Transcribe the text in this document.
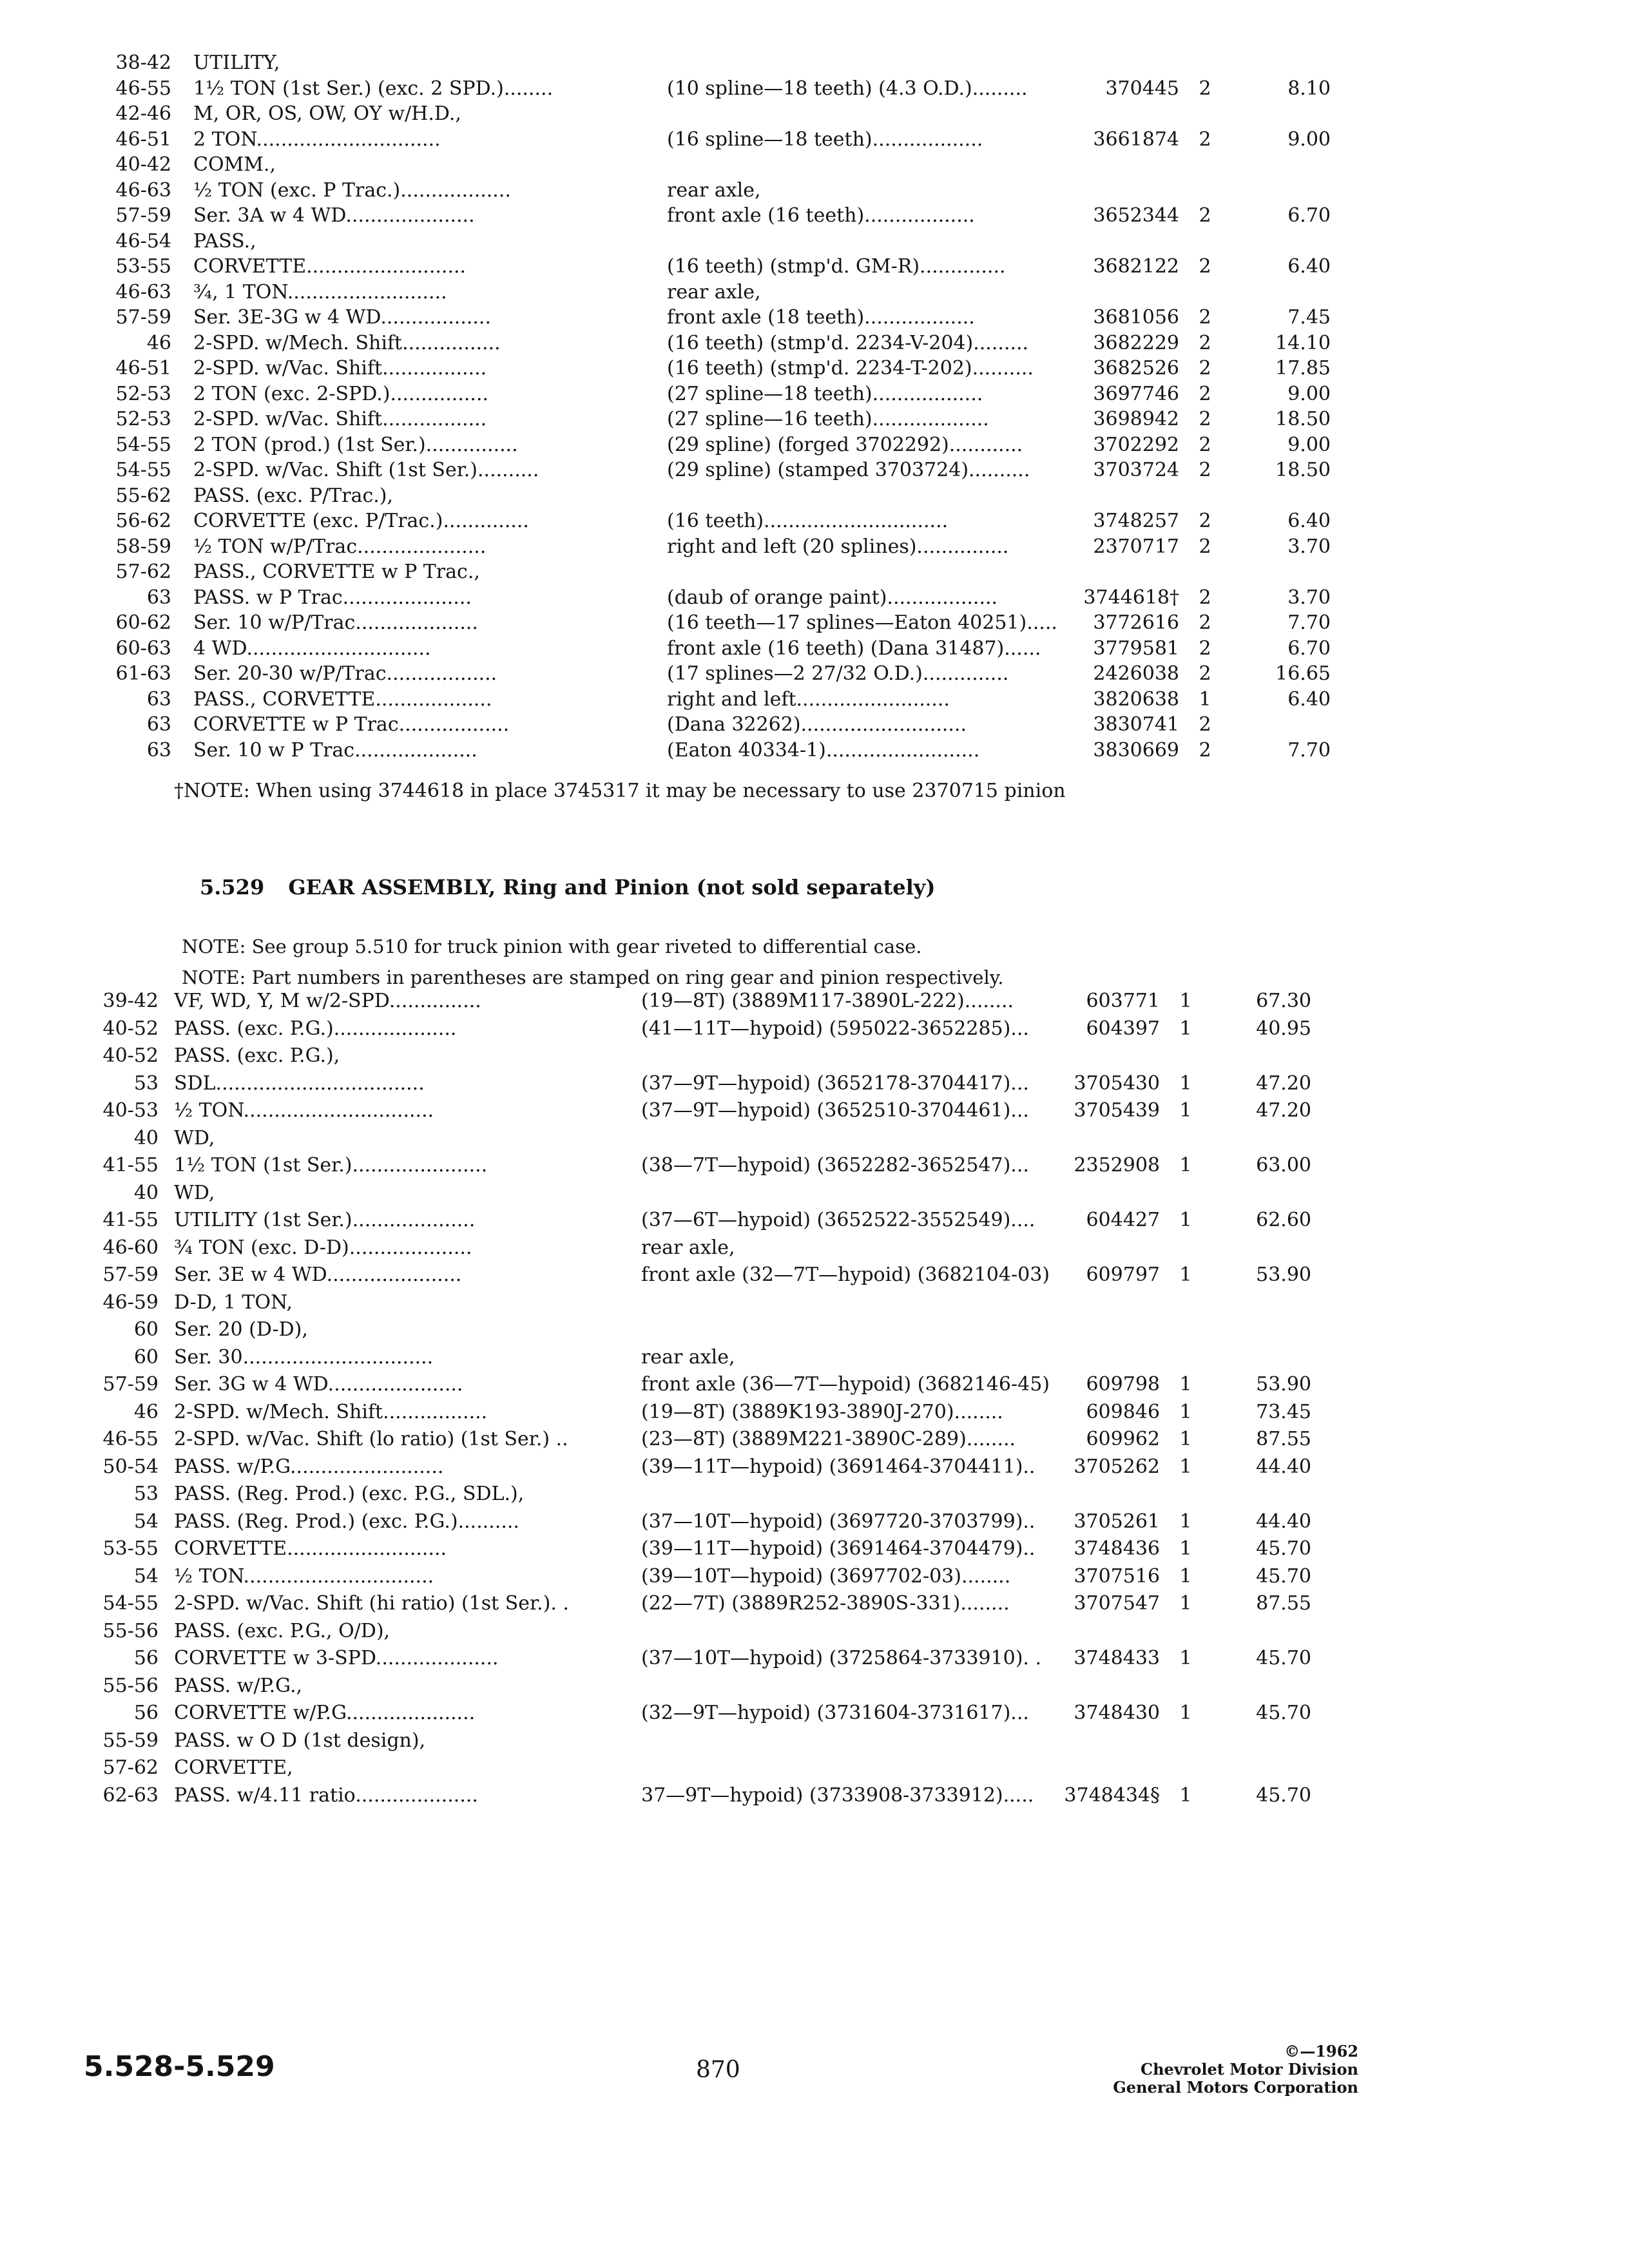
38-42 UTILITY,
46-55 1½ TON (1st Ser.) (exc. 2 SPD.)........	(10 spline—18 teeth) (4.3 O.D.).........	370445	2	8.10
42-46 M, OR, OS, OW, OY w/H.D.,
46-51 2 TON..............................	(16 spline—18 teeth)..................	3661874	2	9.00
40-42 COMM.,
46-63 ½ TON (exc. P Trac.)..................	rear axle,
57-59 Ser. 3A w 4 WD.....................	front axle (16 teeth)..................	3652344	2	6.70
46-54 PASS.,
53-55 CORVETTE..........................	(16 teeth) (stmp'd. GM-R)..............	3682122	2	6.40
46-63 ¾, 1 TON..........................	rear axle,
57-59 Ser. 3E-3G w 4 WD..................	front axle (18 teeth)..................	3681056	2	7.45
46 2-SPD. w/Mech. Shift................	(16 teeth) (stmp'd. 2234-V-204).........	3682229	2	14.10
46-51 2-SPD. w/Vac. Shift.................	(16 teeth) (stmp'd. 2234-T-202)..........	3682526	2	17.85
52-53 2 TON (exc. 2-SPD.)................	(27 spline—18 teeth)..................	3697746	2	9.00
52-53 2-SPD. w/Vac. Shift.................	(27 spline—16 teeth)...................	3698942	2	18.50
54-55 2 TON (prod.) (1st Ser.)...............	(29 spline) (forged 3702292)............	3702292	2	9.00
54-55 2-SPD. w/Vac. Shift (1st Ser.)..........	(29 spline) (stamped 3703724)..........	3703724	2	18.50
55-62 PASS. (exc. P/Trac.),
56-62 CORVETTE (exc. P/Trac.)..............	(16 teeth)..............................	3748257	2	6.40
58-59 ½ TON w/P/Trac.....................	right and left (20 splines)...............	2370717	2	3.70
57-62 PASS., CORVETTE w P Trac.,
63 PASS. w P Trac.....................	(daub of orange paint)..................	3744618†	2	3.70
60-62 Ser. 10 w/P/Trac....................	(16 teeth—17 splines—Eaton 40251).....	3772616	2	7.70
60-63 4 WD..............................	front axle (16 teeth) (Dana 31487)......	3779581	2	6.70
61-63 Ser. 20-30 w/P/Trac..................	(17 splines—2 27/32 O.D.)..............	2426038	2	16.65
63 PASS., CORVETTE...................	right and left.........................	3820638	1	6.40
63 CORVETTE w P Trac..................	(Dana 32262)...........................	3830741	2
63 Ser. 10 w P Trac....................	(Eaton 40334-1).........................	3830669	2	7.70
†NOTE: When using 3744618 in place 3745317 it may be necessary to use 2370715 pinion
5.529 GEAR ASSEMBLY, Ring and Pinion (not sold separately)
NOTE: See group 5.510 for truck pinion with gear riveted to differential case.
NOTE: Part numbers in parentheses are stamped on ring gear and pinion respectively.
39-42 VF, WD, Y, M w/2-SPD...............	(19—8T) (3889M117-3890L-222)........	603771	1	67.30
40-52 PASS. (exc. P.G.)....................	(41—11T—hypoid) (595022-3652285)...	604397	1	40.95
40-52 PASS. (exc. P.G.),
53 SDL..................................	(37—9T—hypoid) (3652178-3704417)...	3705430	1	47.20
40-53 ½ TON...............................	(37—9T—hypoid) (3652510-3704461)...	3705439	1	47.20
40 WD,
41-55 1½ TON (1st Ser.)......................	(38—7T—hypoid) (3652282-3652547)...	2352908	1	63.00
40 WD,
41-55 UTILITY (1st Ser.)....................	(37—6T—hypoid) (3652522-3552549)....	604427	1	62.60
46-60 ¾ TON (exc. D-D)....................	rear axle,
57-59 Ser. 3E w 4 WD......................	front axle (32—7T—hypoid) (3682104-03)	609797	1	53.90
46-59 D-D, 1 TON,
60 Ser. 20 (D-D),
60 Ser. 30...............................	rear axle,
57-59 Ser. 3G w 4 WD......................	front axle (36—7T—hypoid) (3682146-45)	609798	1	53.90
46 2-SPD. w/Mech. Shift.................	(19—8T) (3889K193-3890J-270)........	609846	1	73.45
46-55 2-SPD. w/Vac. Shift (lo ratio) (1st Ser.) ..	(23—8T) (3889M221-3890C-289)........	609962	1	87.55
50-54 PASS. w/P.G.........................	(39—11T—hypoid) (3691464-3704411)..	3705262	1	44.40
53 PASS. (Reg. Prod.) (exc. P.G., SDL.),
54 PASS. (Reg. Prod.) (exc. P.G.)..........	(37—10T—hypoid) (3697720-3703799)..	3705261	1	44.40
53-55 CORVETTE..........................	(39—11T—hypoid) (3691464-3704479)..	3748436	1	45.70
54 ½ TON...............................	(39—10T—hypoid) (3697702-03)........	3707516	1	45.70
54-55 2-SPD. w/Vac. Shift (hi ratio) (1st Ser.). .	(22—7T) (3889R252-3890S-331)........	3707547	1	87.55
55-56 PASS. (exc. P.G., O/D),
56 CORVETTE w 3-SPD....................	(37—10T—hypoid) (3725864-3733910). .	3748433	1	45.70
55-56 PASS. w/P.G.,
56 CORVETTE w/P.G.....................	(32—9T—hypoid) (3731604-3731617)...	3748430	1	45.70
55-59 PASS. w O D (1st design),
57-62 CORVETTE,
62-63 PASS. w/4.11 ratio....................	37—9T—hypoid) (3733908-3733912).....	3748434§	1	45.70
5.528-5.529	870
©—1962
Chevrolet Motor Division
General Motors Corporation
